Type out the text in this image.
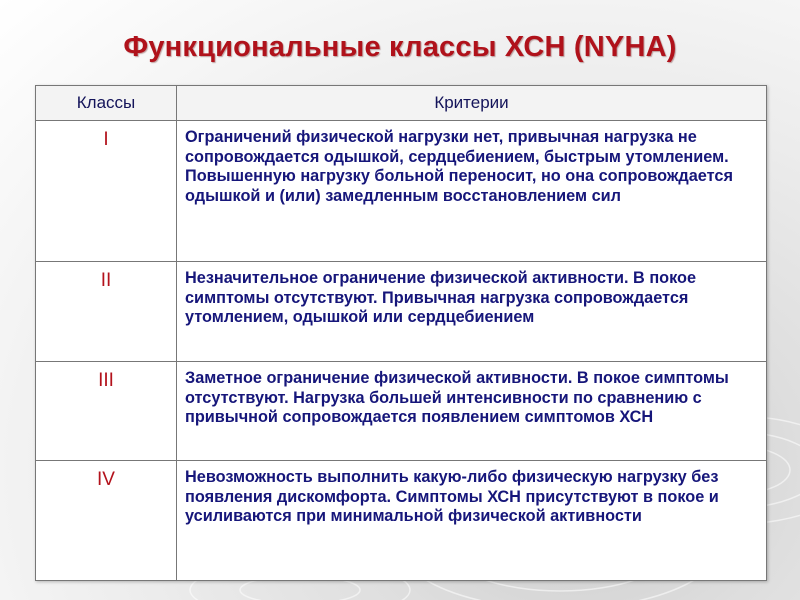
Функциональные классы ХСН (NYHA)
Классы	Критерии
I	Ограничений физической нагрузки нет, привычная нагрузка не сопровождается одышкой, сердцебиением, быстрым утомлением. Повышенную нагрузку больной переносит, но она сопровождается одышкой и (или) замедленным восстановлением сил
II	Незначительное ограничение физической активности. В покое симптомы отсутствуют. Привычная нагрузка сопровождается утомлением, одышкой или сердцебиением
III	Заметное ограничение физической активности. В покое симптомы отсутствуют. Нагрузка большей интенсивности по сравнению с привычной сопровождается появлением симптомов ХСН
IV	Невозможность выполнить какую-либо физическую нагрузку без появления дискомфорта. Симптомы ХСН присутствуют в покое и усиливаются при минимальной физической активности
